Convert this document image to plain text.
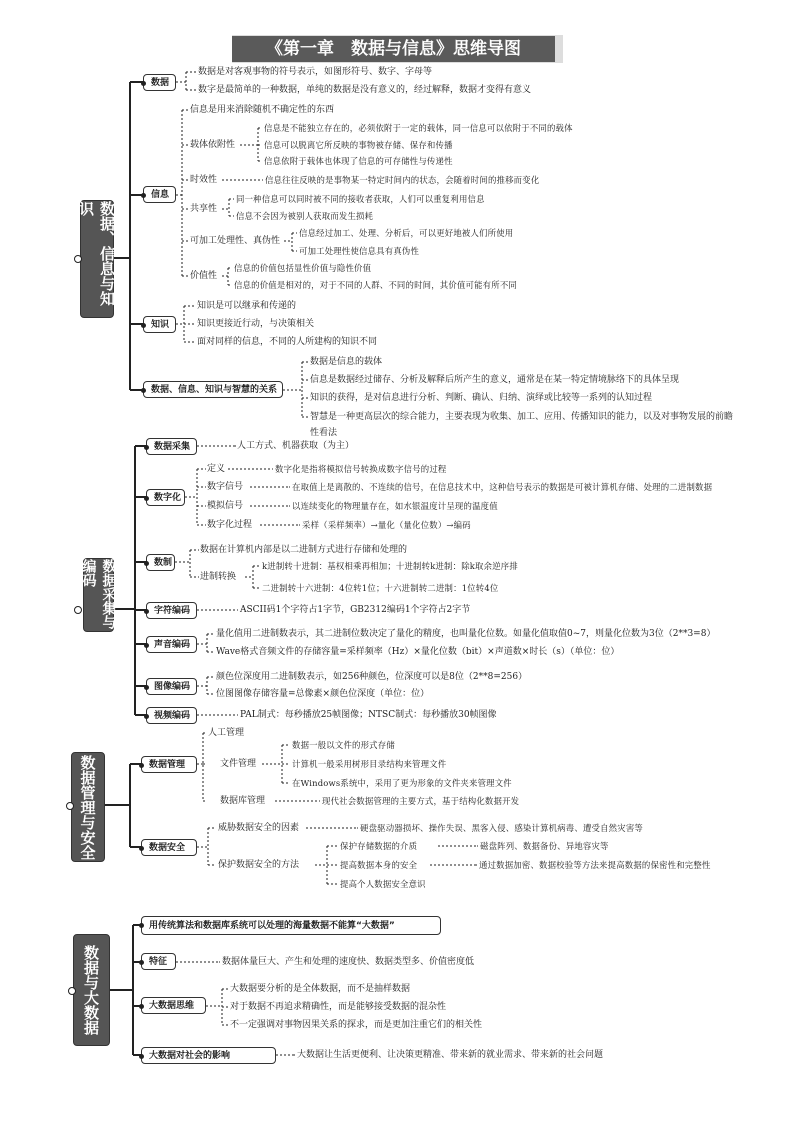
《第一章　数据与信息》思维导图
数据、信息与知识
数据
数据是对客观事物的符号表示，如图形符号、数字、字母等
数字是最简单的一种数据，单纯的数据是没有意义的，经过解释，数据才变得有意义
信息
信息是用来消除随机不确定性的东西
载体依附性
信息是不能独立存在的，必须依附于一定的载体，同一信息可以依附于不同的载体
信息可以脱离它所反映的事物被存储、保存和传播
信息依附于载体也体现了信息的可存储性与传递性
时效性	信息往往反映的是事物某一特定时间内的状态，会随着时间的推移而变化
共享性
同一种信息可以同时被不同的接收者获取，人们可以重复利用信息
信息不会因为被别人获取而发生损耗
可加工处理性、真伪性
信息经过加工、处理、分析后，可以更好地被人们所使用
可加工处理性使信息具有真伪性
价值性
信息的价值包括显性价值与隐性价值
信息的价值是相对的，对于不同的人群、不同的时间，其价值可能有所不同
知识
知识是可以继承和传递的
知识更接近行动，与决策相关
面对同样的信息，不同的人所建构的知识不同
数据、信息、知识与智慧的关系
数据是信息的载体
信息是数据经过储存、分析及解释后所产生的意义，通常是在某一特定情境脉络下的具体呈现
知识的获得，是对信息进行分析、判断、确认、归纳、演绎或比较等一系列的认知过程
智慧是一种更高层次的综合能力，主要表现为收集、加工、应用、传播知识的能力，以及对事物发展的前瞻
性看法
数据采集与编码
数据采集	人工方式、机器获取（为主）
数字化
定义	数字化是指将模拟信号转换成数字信号的过程
数字信号	在取值上是离散的、不连续的信号，在信息技术中，这种信号表示的数据是可被计算机存储、处理的二进制数据
模拟信号	以连续变化的物理量存在，如水银温度计呈现的温度值
数字化过程	采样（采样频率）→量化（量化位数）→编码
数制
数据在计算机内部是以二进制方式进行存储和处理的
进制转换
k进制转十进制：基权相乘再相加；十进制转k进制：除k取余逆序排
二进制转十六进制：4位转1位；十六进制转二进制：1位转4位
字符编码	ASCII码1个字符占1字节，GB2312编码1个字符占2字节
声音编码
量化值用二进制数表示，其二进制位数决定了量化的精度，也叫量化位数。如量化值取值0~7，则量化位数为3位（2**3=8）
Wave格式音频文件的存储容量=采样频率（Hz）×量化位数（bit）×声道数×时长（s）（单位：位）
图像编码
颜色位深度用二进制数表示，如256种颜色，位深度可以是8位（2**8=256）
位图图像存储容量=总像素×颜色位深度（单位：位）
视频编码	PAL制式：每秒播放25帧图像；NTSC制式：每秒播放30帧图像
数据管理与安全	数据管理
人工管理
文件管理
数据一般以文件的形式存储
计算机一般采用树形目录结构来管理文件
在Windows系统中，采用了更为形象的文件夹来管理文件
数据库管理	现代社会数据管理的主要方式，基于结构化数据开发
数据安全
威胁数据安全的因素	硬盘驱动器损坏、操作失误、黑客入侵、感染计算机病毒、遭受自然灾害等
保护数据安全的方法
保护存储数据的介质	磁盘阵列、数据备份、异地容灾等
提高数据本身的安全	通过数据加密、数据校验等方法来提高数据的保密性和完整性
提高个人数据安全意识
数据与大数据
用传统算法和数据库系统可以处理的海量数据不能算“大数据”
特征	数据体量巨大、产生和处理的速度快、数据类型多、价值密度低
大数据思维
大数据要分析的是全体数据，而不是抽样数据
对于数据不再追求精确性，而是能够接受数据的混杂性
不一定强调对事物因果关系的探求，而是更加注重它们的相关性
大数据对社会的影响	大数据让生活更便利、让决策更精准、带来新的就业需求、带来新的社会问题
